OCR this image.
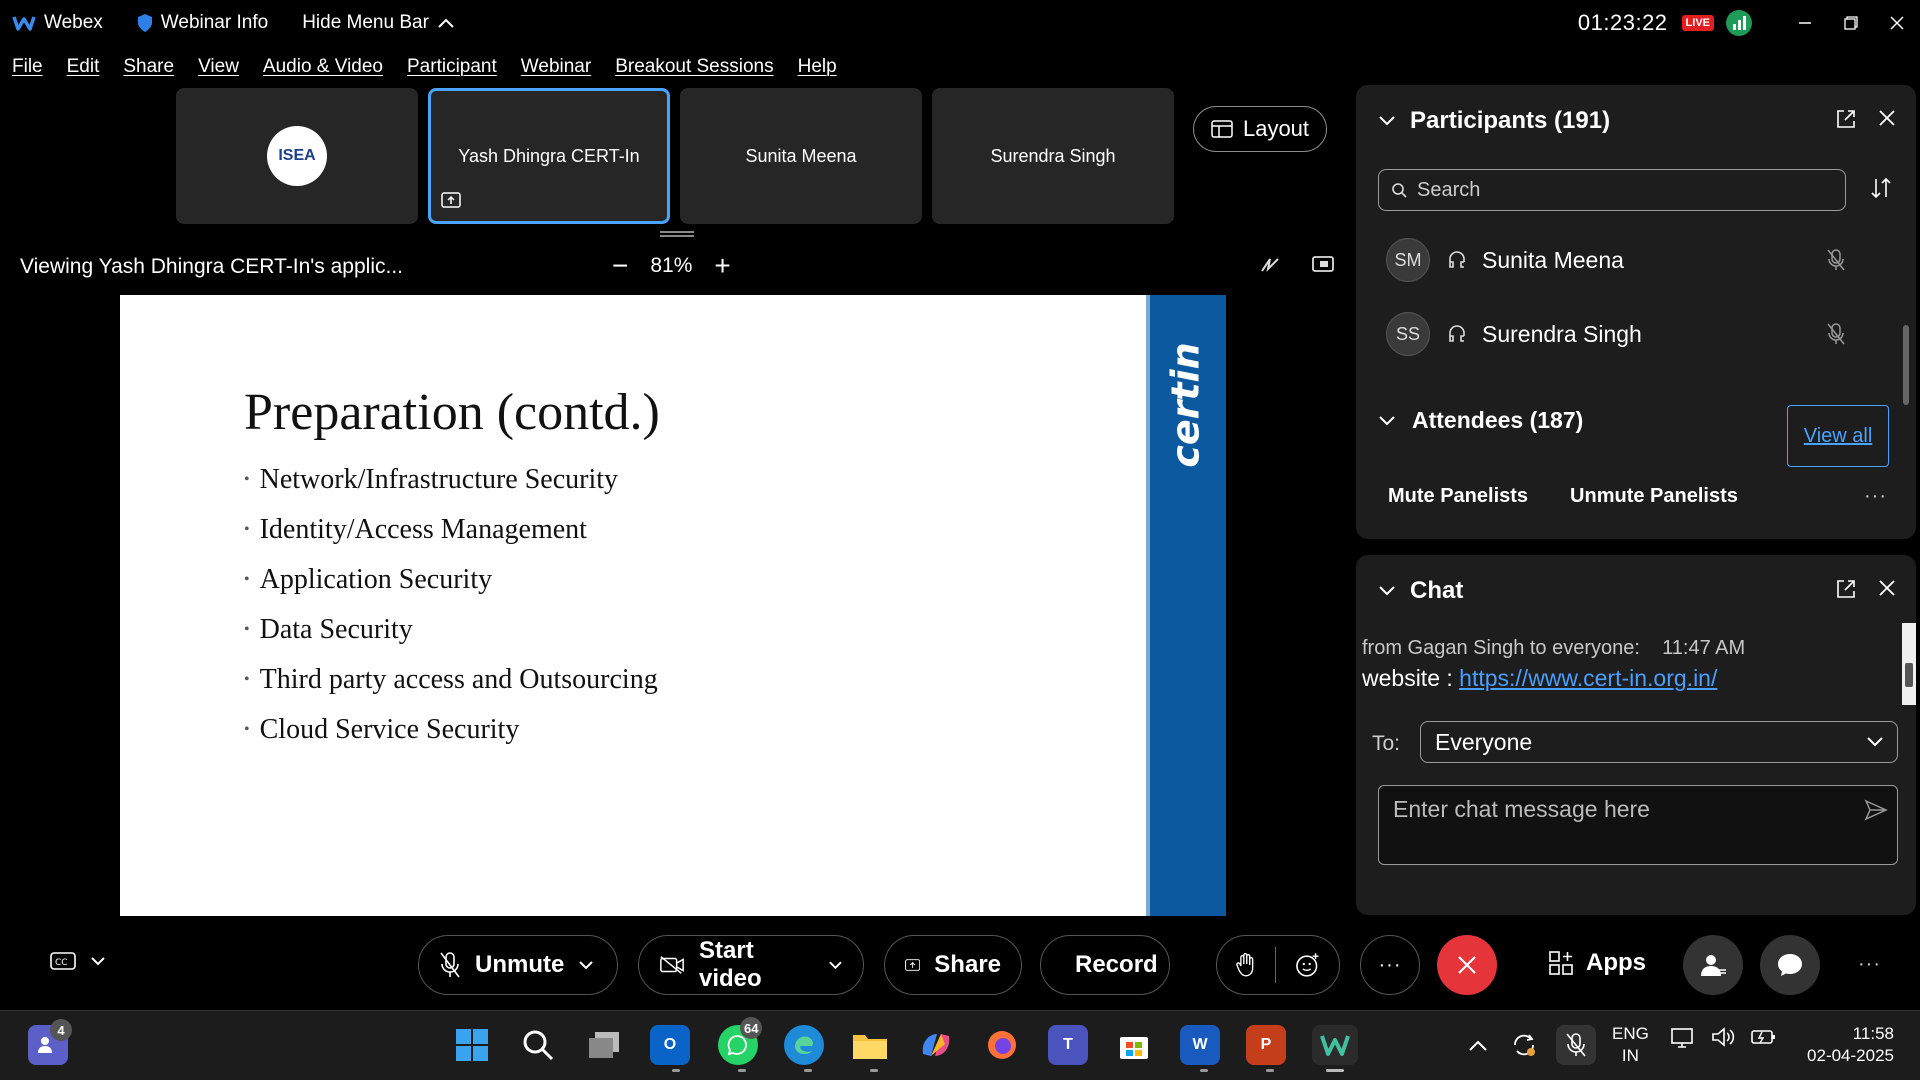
Webex	Webinar Info Hide Menu Bar	01:23:22	LIVE
File Edit Share View Audio & Video Participant Webinar Breakout Sessions Help
ISEA	Yash Dhingra CERT-In	Sunita Meena	Surendra Singh
Layout
Viewing Yash Dhingra CERT-In's applic...	− 81% +
Preparation (contd.)
• Network/Infrastructure Security
• Identity/Access Management
• Application Security
• Data Security
• Third party access and Outsourcing
• Cloud Service Security
certin
Participants (191)
Search
SM	Sunita Meena
SS	Surendra Singh
Attendees (187)
View all
Mute Panelists Unmute Panelists	···
Chat
from Gagan Singh to everyone:    11:47 AM
website : https://www.cert-in.org.in/
To: Everyone
Enter chat message here
CC	Unmute
Start video
Share	Record	···	Apps	···
4
O
64
T	W	P
ENG
IN
11:58
02-04-2025
